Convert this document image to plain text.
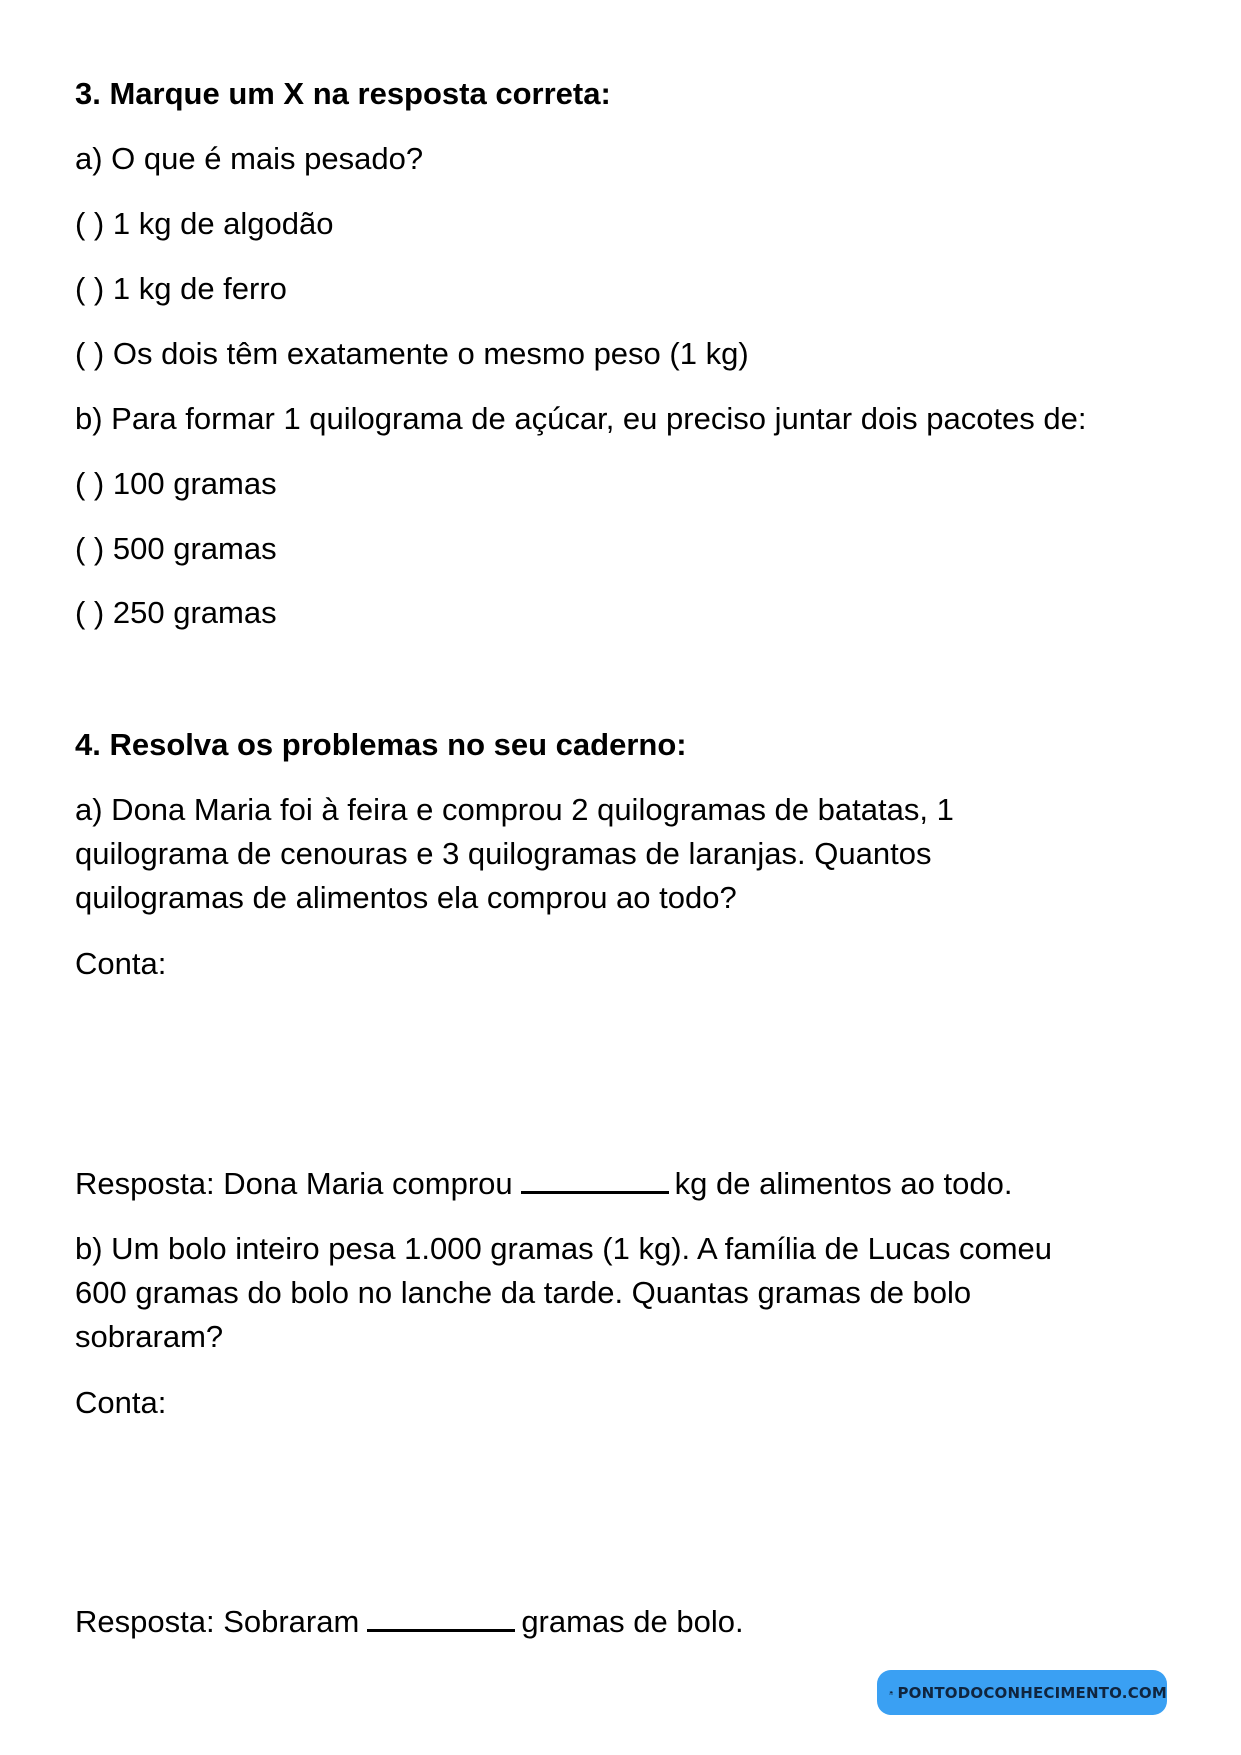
3. Marque um X na resposta correta:
a) O que é mais pesado?
( ) 1 kg de algodão
( ) 1 kg de ferro
( ) Os dois têm exatamente o mesmo peso (1 kg)
b) Para formar 1 quilograma de açúcar, eu preciso juntar dois pacotes de:
( ) 100 gramas
( ) 500 gramas
( ) 250 gramas
4. Resolva os problemas no seu caderno:
a) Dona Maria foi à feira e comprou 2 quilogramas de batatas, 1
quilograma de cenouras e 3 quilogramas de laranjas. Quantos
quilogramas de alimentos ela comprou ao todo?
Conta:
Resposta: Dona Maria comprou	kg de alimentos ao todo.
b) Um bolo inteiro pesa 1.000 gramas (1 kg). A família de Lucas comeu
600 gramas do bolo no lanche da tarde. Quantas gramas de bolo
sobraram?
Conta:
Resposta: Sobraram	gramas de bolo.
PONTODOCONHECIMENTO.COM
